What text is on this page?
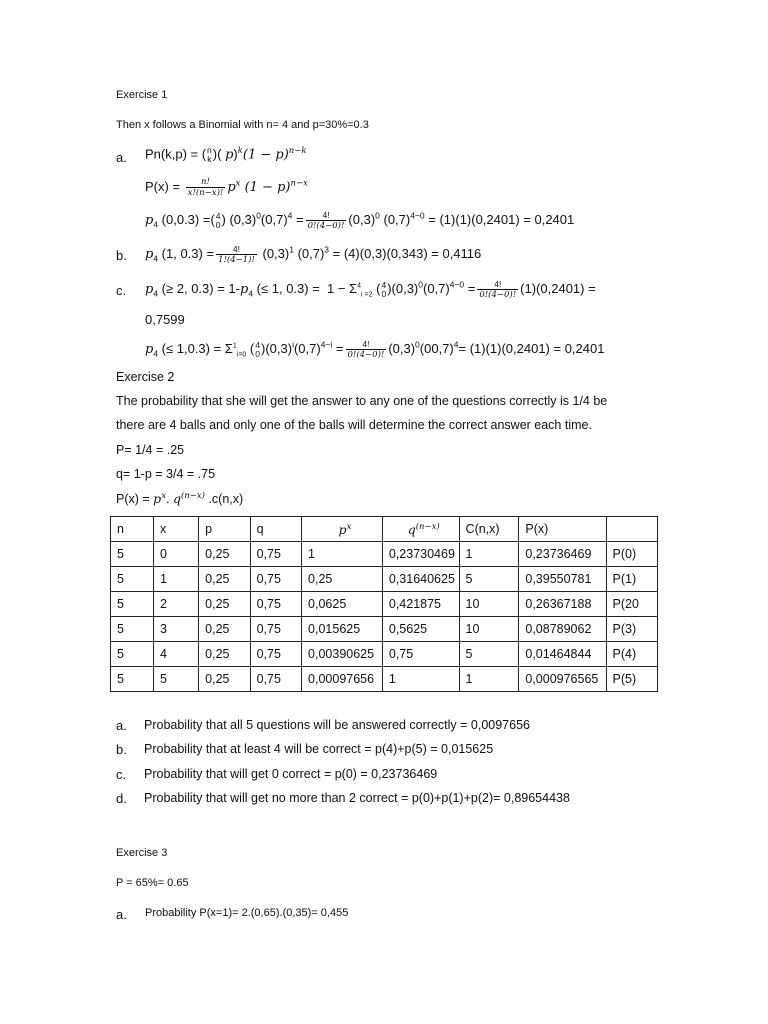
Exercise 1
Then x follows a Binomial with n= 4 and p=30%=0.3
a. Pn(k,p) = ( n
k )( $p)^k(1 - p)^{n-k}$
$P(x) = \frac{n!}{x!(n-x)!} p^x$ $(1 - p)^{n-x}$
$p_4$ (0,0.3) =( 4
0 ) $(0,3)^0(0,7)^4 = \frac{4!}{0!(4-0)!} (0,3)^0$ $(0,7)^{4-0} = (1)(1)(0,2401) = 0,2401$
b. $p_4$ (1, $0.3) = \frac{4!}{1!(4-1)!} (0,3)^1$ $(0,7)^3 = (4)(0,3)(0,343) = 0,4116$
c. $p_4$ (≥ 2, $0.3) = 1-p_4$ (≤ 1, $0.3) = 1 - \Sigma^4_{i =2}$ ( 4
0 )$(0,3)^0(0,7)^{4-0} = \frac{4!}{0!(4-0)!} (1)(0,2401)$ =
0,7599
$p_4$ (≤ $1,0.3) = \Sigma^1_{i=0}$ ( 4
0 )$(0,3)^i(0,7)^{4-i} = \frac{4!}{0!(4-0)!} (0,3)^0(00,7)^4= (1)(1)(0,2401) = 0,2401$
Exercise 2
The probability that she will get the answer to any one of the questions correctly is 1/4 be
there are 4 balls and only one of the balls will determine the correct answer each time.
P= 1/4 = .25
q= 1-p = 3/4 = .75
$P(x) = p^x$. $q^{(n-x)}$ .c(n,x)
n	x	p	q	$p^x$	$q^{(n-x)}$	C(n,x)	P(x)	
5	0	0,25	0,75	1	0,23730469	1	0,23736469	P(0)
5	1	0,25	0,75	0,25	0,31640625	5	0,39550781	P(1)
5	2	0,25	0,75	0,0625	0,421875	10	0,26367188	P(20
5	3	0,25	0,75	0,015625	0,5625	10	0,08789062	P(3)
5	4	0,25	0,75	0,00390625	0,75	5	0,01464844	P(4)
5	5	0,25	0,75	0,00097656	1	1	0,000976565	P(5)
a. Probability that all 5 questions will be answered correctly = 0,0097656
b. Probability that at least 4 will be correct = p(4)+p(5) = 0,015625
c. Probability that will get 0 correct = p(0) = 0,23736469
d. Probability that will get no more than 2 correct = p(0)+p(1)+p(2)= 0,89654438
Exercise 3
P = 65%= 0.65
a. Probability P(x=1)= 2.(0,65).(0,35)= 0,455
